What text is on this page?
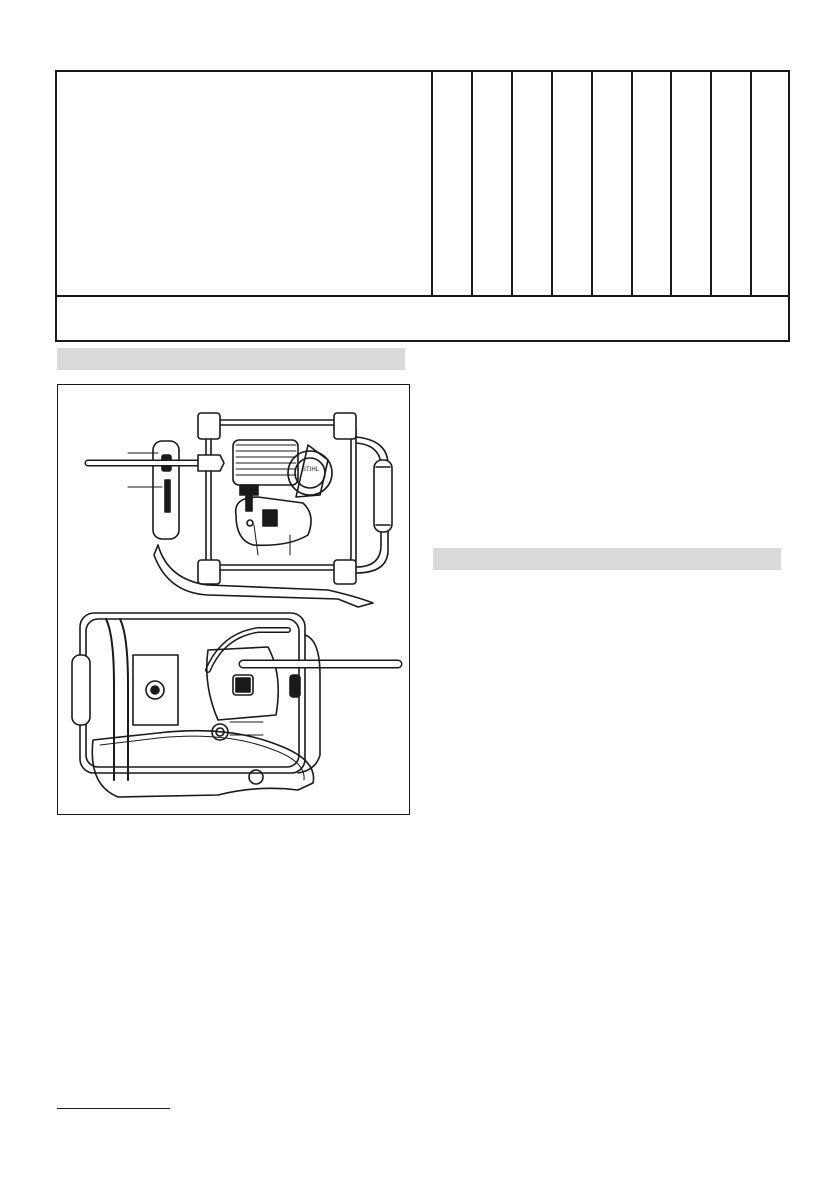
STIHL
